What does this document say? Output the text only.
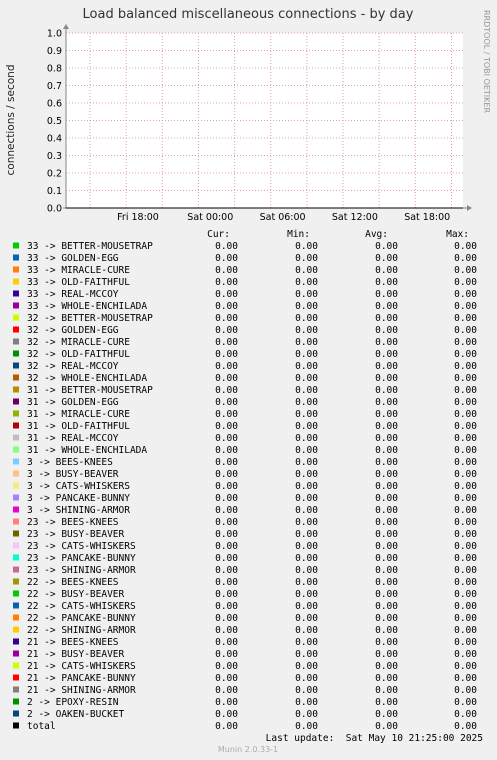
Load balanced miscellaneous connections - by day
connections / second
RRDTOOL / TOBI OETIKER
0.0
0.1
0.2
0.3
0.4
0.5
0.6
0.7
0.8
0.9
1.0
Fri 18:00	Sat 00:00	Sat 06:00	Sat 12:00	Sat 18:00
Cur:	Min:	Avg:	Max:
33 -> BETTER-MOUSETRAP	0.00	0.00	0.00	0.00
33 -> GOLDEN-EGG	0.00	0.00	0.00	0.00
33 -> MIRACLE-CURE	0.00	0.00	0.00	0.00
33 -> OLD-FAITHFUL	0.00	0.00	0.00	0.00
33 -> REAL-MCCOY	0.00	0.00	0.00	0.00
33 -> WHOLE-ENCHILADA	0.00	0.00	0.00	0.00
32 -> BETTER-MOUSETRAP	0.00	0.00	0.00	0.00
32 -> GOLDEN-EGG	0.00	0.00	0.00	0.00
32 -> MIRACLE-CURE	0.00	0.00	0.00	0.00
32 -> OLD-FAITHFUL	0.00	0.00	0.00	0.00
32 -> REAL-MCCOY	0.00	0.00	0.00	0.00
32 -> WHOLE-ENCHILADA	0.00	0.00	0.00	0.00
31 -> BETTER-MOUSETRAP	0.00	0.00	0.00	0.00
31 -> GOLDEN-EGG	0.00	0.00	0.00	0.00
31 -> MIRACLE-CURE	0.00	0.00	0.00	0.00
31 -> OLD-FAITHFUL	0.00	0.00	0.00	0.00
31 -> REAL-MCCOY	0.00	0.00	0.00	0.00
31 -> WHOLE-ENCHILADA	0.00	0.00	0.00	0.00
3 -> BEES-KNEES	0.00	0.00	0.00	0.00
3 -> BUSY-BEAVER	0.00	0.00	0.00	0.00
3 -> CATS-WHISKERS	0.00	0.00	0.00	0.00
3 -> PANCAKE-BUNNY	0.00	0.00	0.00	0.00
3 -> SHINING-ARMOR	0.00	0.00	0.00	0.00
23 -> BEES-KNEES	0.00	0.00	0.00	0.00
23 -> BUSY-BEAVER	0.00	0.00	0.00	0.00
23 -> CATS-WHISKERS	0.00	0.00	0.00	0.00
23 -> PANCAKE-BUNNY	0.00	0.00	0.00	0.00
23 -> SHINING-ARMOR	0.00	0.00	0.00	0.00
22 -> BEES-KNEES	0.00	0.00	0.00	0.00
22 -> BUSY-BEAVER	0.00	0.00	0.00	0.00
22 -> CATS-WHISKERS	0.00	0.00	0.00	0.00
22 -> PANCAKE-BUNNY	0.00	0.00	0.00	0.00
22 -> SHINING-ARMOR	0.00	0.00	0.00	0.00
21 -> BEES-KNEES	0.00	0.00	0.00	0.00
21 -> BUSY-BEAVER	0.00	0.00	0.00	0.00
21 -> CATS-WHISKERS	0.00	0.00	0.00	0.00
21 -> PANCAKE-BUNNY	0.00	0.00	0.00	0.00
21 -> SHINING-ARMOR	0.00	0.00	0.00	0.00
2 -> EPOXY-RESIN	0.00	0.00	0.00	0.00
2 -> OAKEN-BUCKET	0.00	0.00	0.00	0.00
total	0.00	0.00	0.00	0.00
Last update:  Sat May 10 21:25:00 2025
Munin 2.0.33-1
